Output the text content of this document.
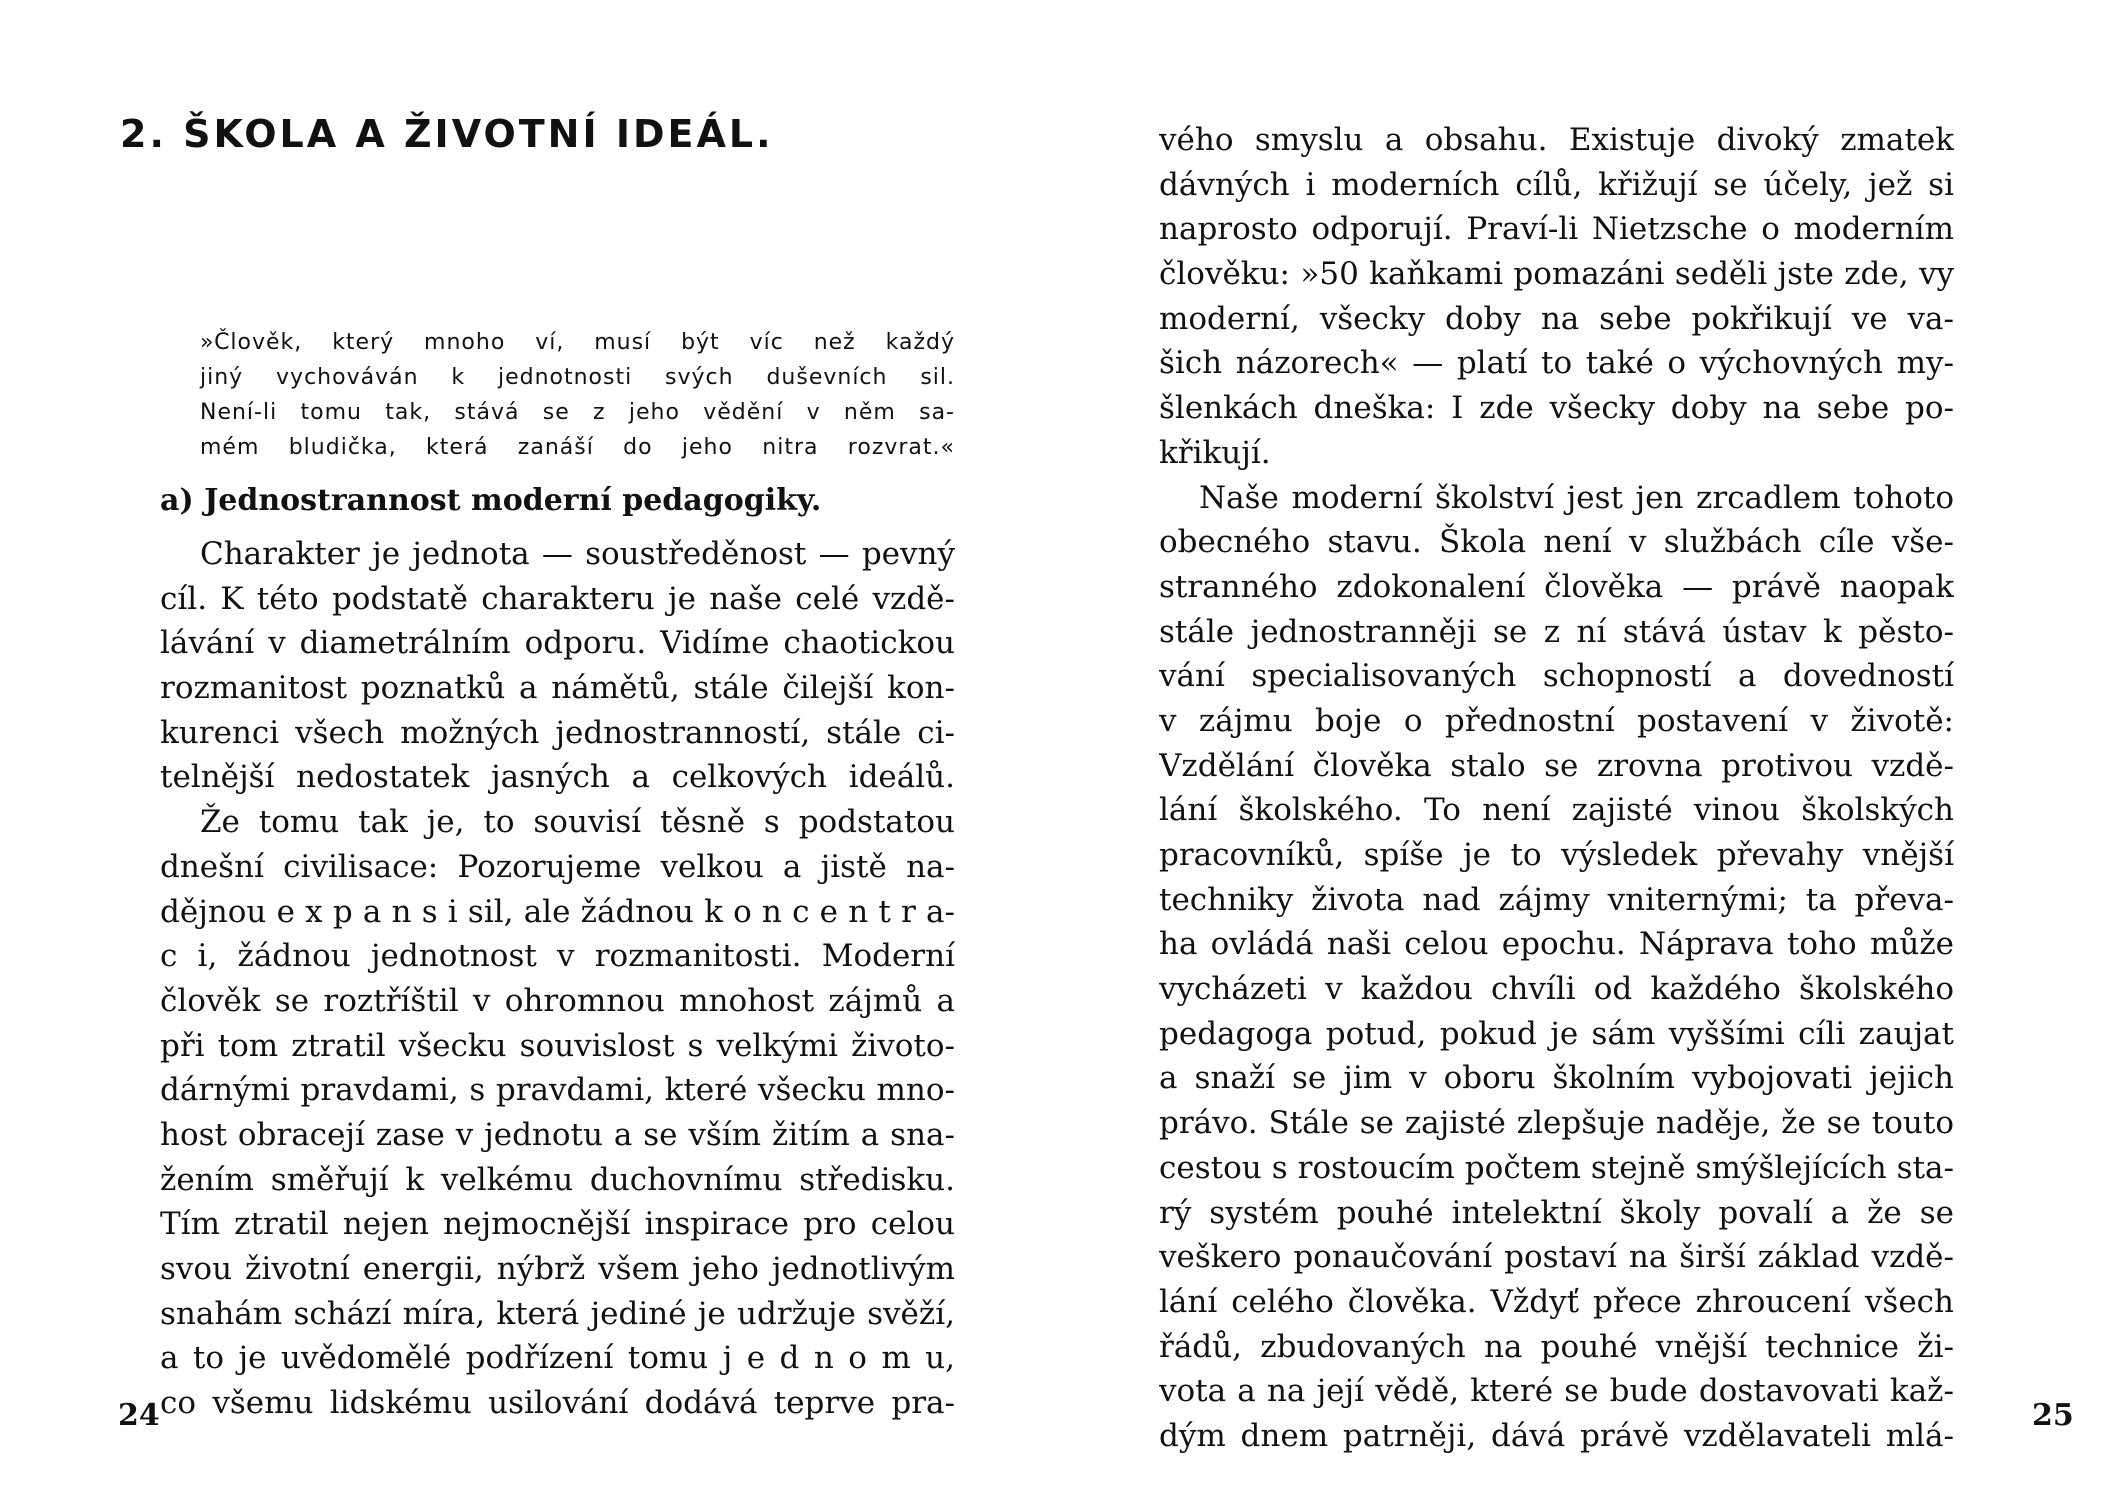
2. ŠKOLA A ŽIVOTNÍ IDEÁL.

»Člověk, který mnoho ví, musí být víc než každý

jiný vychováván k jednotnosti svých duševních sil.

Není-li tomu tak, stává se z jeho vědění v něm sa-

mém bludička, která zanáší do jeho nitra rozvrat.«

a) Jednostrannost moderní pedagogiky.
Charakter je jednota — soustředěnost — pevný
cíl. K této podstatě charakteru je naše celé vzdě-
lávání v diametrálním odporu. Vidíme chaotickou
rozmanitost poznatků a námětů, stále čilejší kon-
kurenci všech možných jednostranností, stále ci-
telnější nedostatek jasných a celkových ideálů.
Že tomu tak je, to souvisí těsně s podstatou
dnešní civilisace: Pozorujeme velkou a jistě na-
dějnou e x p a n s i sil, ale žádnou k o n c e n t r a-
c i, žádnou jednotnost v rozmanitosti. Moderní
člověk se roztříštil v ohromnou mnohost zájmů a
při tom ztratil všecku souvislost s velkými životo-
dárnými pravdami, s pravdami, které všecku mno-
host obracejí zase v jednotu a se vším žitím a sna-
žením směřují k velkému duchovnímu středisku.
Tím ztratil nejen nejmocnější inspirace pro celou
svou životní energii, nýbrž všem jeho jednotlivým
snahám schází míra, která jediné je udržuje svěží,
a to je uvědomělé podřízení tomu j e d n o m u,
co všemu lidskému usilování dodává teprve pra-
24
vého smyslu a obsahu. Existuje divoký zmatek
dávných i moderních cílů, křižují se účely, jež si
naprosto odporují. Praví-li Nietzsche o moderním
člověku: »50 kaňkami pomazáni seděli jste zde, vy
moderní, všecky doby na sebe pokřikují ve va-
šich názorech« — platí to také o výchovných my-
šlenkách dneška: I zde všecky doby na sebe po-
křikují.
Naše moderní školství jest jen zrcadlem tohoto
obecného stavu. Škola není v službách cíle vše-
stranného zdokonalení člověka — právě naopak
stále jednostranněji se z ní stává ústav k pěsto-
vání specialisovaných schopností a dovedností
v zájmu boje o přednostní postavení v životě:
Vzdělání člověka stalo se zrovna protivou vzdě-
lání školského. To není zajisté vinou školských
pracovníků, spíše je to výsledek převahy vnější
techniky života nad zájmy vniternými; ta převa-
ha ovládá naši celou epochu. Náprava toho může
vycházeti v každou chvíli od každého školského
pedagoga potud, pokud je sám vyššími cíli zaujat
a snaží se jim v oboru školním vybojovati jejich
právo. Stále se zajisté zlepšuje naděje, že se touto
cestou s rostoucím počtem stejně smýšlejících sta-
rý systém pouhé intelektní školy povalí a že se
veškero ponaučování postaví na širší základ vzdě-
lání celého člověka. Vždyť přece zhroucení všech
řádů, zbudovaných na pouhé vnější technice ži-
vota a na její vědě, které se bude dostavovati kaž-
dým dnem patrněji, dává právě vzdělavateli mlá-
25
